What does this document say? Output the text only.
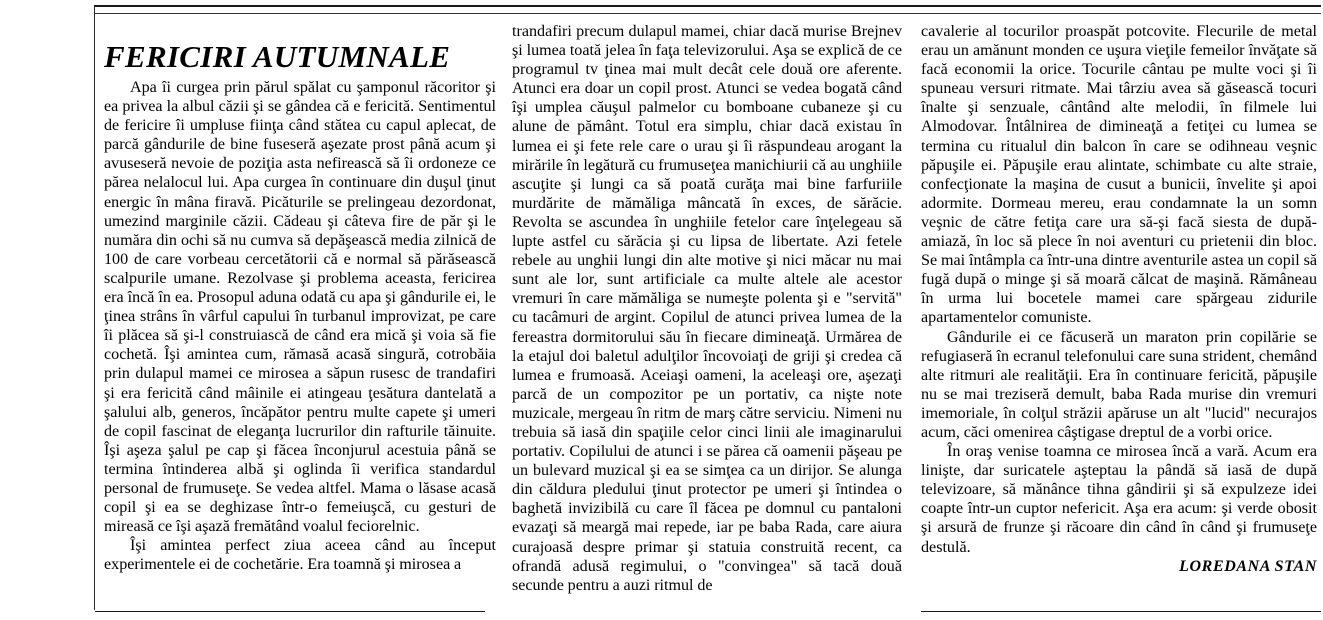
FERICIRI AUTUMNALE

Apa îi curgea prin părul spălat cu şamponul răcoritor şi ea privea la albul căzii şi se gândea că e fericită. Sentimentul de fericire îi umpluse fiinţa când stătea cu capul aplecat, de parcă gândurile de bine fuseseră aşezate prost până acum şi avuseseră nevoie de poziţia asta nefirească să îi ordoneze ce părea nelalocul lui. Apa curgea în continuare din duşul ţinut energic în mâna firavă. Picăturile se prelingeau dezordonat, umezind marginile căzii. Cădeau şi câteva fire de păr şi le număra din ochi să nu cumva să depăşească media zilnică de 100 de care vorbeau cercetătorii că e normal să părăsească scalpurile umane. Rezolvase şi problema aceasta, fericirea era încă în ea. Prosopul aduna odată cu apa şi gândurile ei, le ţinea strâns în vârful capului în turbanul improvizat, pe care îi plăcea să şi-l construiască de când era mică şi voia să fie cochetă. Îşi amintea cum, rămasă acasă singură, cotrobăia prin dulapul mamei ce mirosea a săpun rusesc de trandafiri şi era fericită când mâinile ei atingeau ţesătura dantelată a şalului alb, generos, încăpător pentru multe capete şi umeri de copil fascinat de eleganţa lucrurilor din rafturile tăinuite. Îşi aşeza şalul pe cap şi făcea înconjurul acestuia până se termina întinderea albă şi oglinda îi verifica standardul personal de frumuseţe. Se vedea altfel. Mama o lăsase acasă copil şi ea se deghizase într-o femeiuşcă, cu gesturi de mireasă ce îşi aşază fremătând voalul feciorelnic.

Îşi amintea perfect ziua aceea când au început experimentele ei de cochetărie. Era toamnă şi mirosea a

trandafiri precum dulapul mamei, chiar dacă murise Brejnev şi lumea toată jelea în faţa televizorului. Aşa se explică de ce programul tv ţinea mai mult decât cele două ore aferente. Atunci era doar un copil prost. Atunci se vedea bogată când îşi umplea căuşul palmelor cu bomboane cubaneze şi cu alune de pământ. Totul era simplu, chiar dacă existau în lumea ei şi fete rele care o urau şi îi răspundeau arogant la mirările în legătură cu frumuseţea manichiurii că au unghiile ascuţite şi lungi ca să poată curăţa mai bine farfuriile murdărite de mămăliga mâncată în exces, de sărăcie. Revolta se ascundea în unghiile fetelor care înţelegeau să lupte astfel cu sărăcia şi cu lipsa de libertate. Azi fetele rebele au unghii lungi din alte motive şi nici măcar nu mai sunt ale lor, sunt artificiale ca multe altele ale acestor vremuri în care mămăliga se numeşte polenta şi e "servită" cu tacâmuri de argint. Copilul de atunci privea lumea de la fereastra dormitorului său în fiecare dimineaţă. Urmărea de la etajul doi baletul adulţilor încovoiaţi de griji şi credea că lumea e frumoasă. Aceiaşi oameni, la aceleaşi ore, aşezaţi parcă de un compozitor pe un portativ, ca nişte note muzicale, mergeau în ritm de marş către serviciu. Nimeni nu trebuia să iasă din spaţiile celor cinci linii ale imaginarului portativ. Copilului de atunci i se părea că oamenii păşeau pe un bulevard muzical şi ea se simţea ca un dirijor. Se alunga din căldura pledului ţinut protector pe umeri şi întindea o baghetă invizibilă cu care îl făcea pe domnul cu pantaloni evazaţi să meargă mai repede, iar pe baba Rada, care aiura curajoasă despre primar şi statuia construită recent, ca ofrandă adusă regimului, o "convingea" să tacă două secunde pentru a auzi ritmul de

cavalerie al tocurilor proaspăt potcovite. Flecurile de metal erau un amănunt monden ce uşura vieţile femeilor învăţate să facă economii la orice. Tocurile cântau pe multe voci şi îi spuneau versuri ritmate. Mai târziu avea să găsească tocuri înalte şi senzuale, cântând alte melodii, în filmele lui Almodovar. Întâlnirea de dimineaţă a fetiţei cu lumea se termina cu ritualul din balcon în care se odihneau veşnic păpuşile ei. Păpuşile erau alintate, schimbate cu alte straie, confecţionate la maşina de cusut a bunicii, învelite şi apoi adormite. Dormeau mereu, erau condamnate la un somn veşnic de către fetiţa care ura să-şi facă siesta de după-amiază, în loc să plece în noi aventuri cu prietenii din bloc. Se mai întâmpla ca într-una dintre aventurile astea un copil să fugă după o minge şi să moară călcat de maşină. Rămâneau în urma lui bocetele mamei care spărgeau zidurile apartamentelor comuniste.

Gândurile ei ce făcuseră un maraton prin copilărie se refugiaseră în ecranul telefonului care suna strident, chemând alte ritmuri ale realităţii. Era în continuare fericită, păpuşile nu se mai treziseră demult, baba Rada murise din vremuri imemoriale, în colţul străzii apăruse un alt "lucid" necurajos acum, căci omenirea câştigase dreptul de a vorbi orice.

În oraş venise toamna ce mirosea încă a vară. Acum era linişte, dar suricatele aşteptau la pândă să iasă de după televizoare, să mănânce tihna gândirii şi să expulzeze idei coapte într-un cuptor nefericit. Aşa era acum: şi verde obosit şi arsură de frunze şi răcoare din când în când şi frumuseţe destulă.

LOREDANA STAN
